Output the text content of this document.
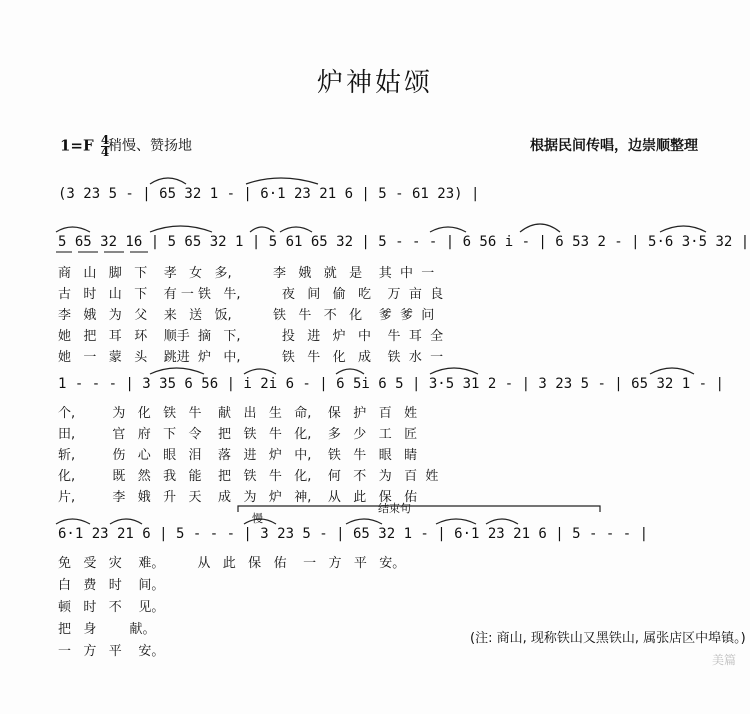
炉神姑颂
$1=F \frac{4}{4}$
稍慢、赞扬地	根据民间传唱，边崇顺整理
(3 23 5 - | 65 32 1 - | 6·1 23 21 6 | 5 - 61 23) |
5 65 32 16 | 5 65 32 1 | 5 61 65 32 | 5 - - - | 6 56 i - | 6 53 2 - | 5·6 3·5 32 |
商   山   脚   下    孝   女   多,          李   娥   就   是    其  中  一
古   时   山   下    有 一 铁   牛,          夜   间   偷   吃    万  亩  良
李   娥   为   父    来   送   饭,          铁   牛   不   化    爹  爹  问
她   把   耳   环    顺手  摘   下,          投   进   炉   中    牛  耳  全
她   一   蒙   头    跳进  炉   中,          铁   牛   化   成    铁  水  一
1 - - - | 3 35 6 56 | i 2i 6 - | 6 5i 6 5 | 3·5 31 2 - | 3 23 5 - | 65 32 1 - |
个,         为   化   铁   牛    献   出   生   命,    保   护   百   姓
田,         官   府   下   令    把   铁   牛   化,    多   少   工   匠
斩,         伤   心   眼   泪    落   进   炉   中,    铁   牛   眼   睛
化,         既   然   我   能    把   铁   牛   化,    何   不   为   百  姓
片,         李   娥   升   天    成   为   炉   神,    从   此   保   佑
结束句
慢
6·1 23 21 6 | 5 - - - | 3 23 5 - | 65 32 1 - | 6·1 23 21 6 | 5 - - - |
免   受   灾    难。        从   此   保   佑    一   方   平   安。
白   费   时    间。
顿   时   不    见。
把   身        献。
一   方   平    安。
(注: 商山, 现称铁山又黑铁山, 属张店区中埠镇。)
美篇
